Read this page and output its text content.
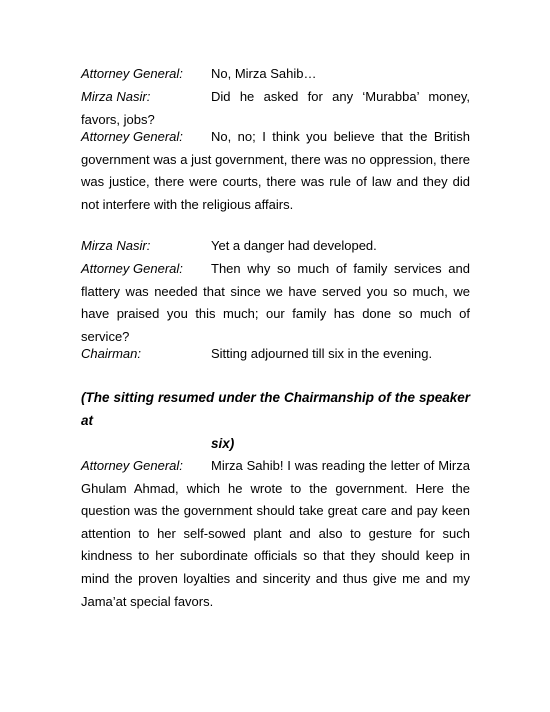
Attorney General:	No, Mirza Sahib…
Mirza Nasir:	Did he asked for any ‘Murabba’ money, favors, jobs?
Attorney General:	No, no; I think you believe that the British government was a just government, there was no oppression, there was justice, there were courts, there was rule of law and they did not interfere with the religious affairs.
Mirza Nasir:	Yet a danger had developed.
Attorney General:	Then why so much of family services and flattery was needed that since we have served you so much, we have praised you this much; our family has done so much of service?
Chairman:	Sitting adjourned till six in the evening.
(The sitting resumed under the Chairmanship of the speaker at
six)
Attorney General:	Mirza Sahib! I was reading the letter of Mirza Ghulam Ahmad, which he wrote to the government. Here the question was the government should take great care and pay keen attention to her self-sowed plant and also to gesture for such kindness to her subordinate officials so that they should keep in mind the proven loyalties and sincerity and thus give me and my Jama’at special favors.
